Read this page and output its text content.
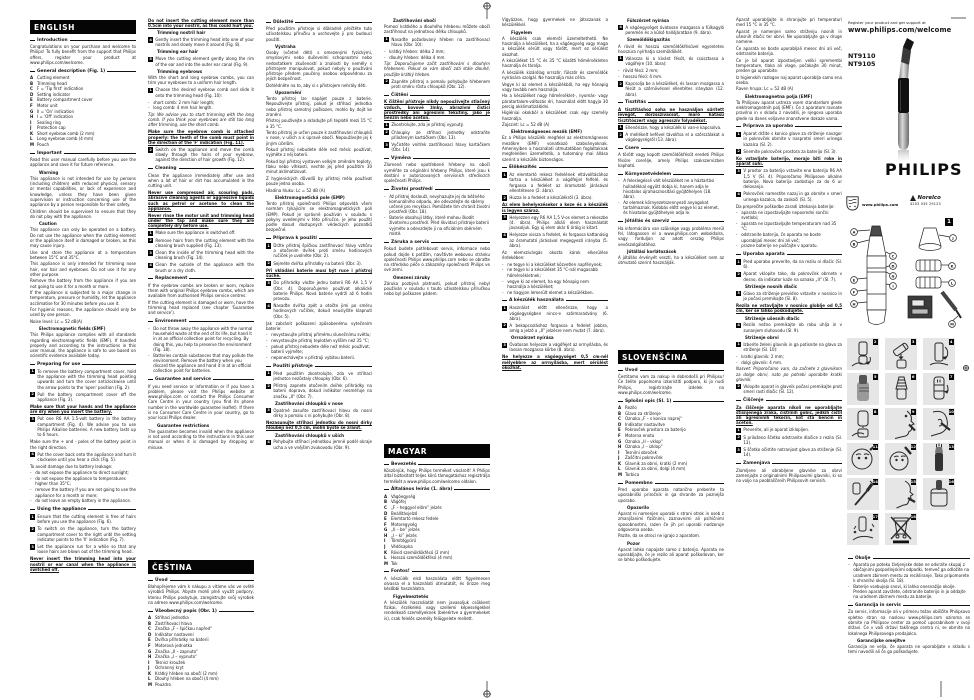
Register your product and get support at
www.philips.com/welcome
NT9110
NT9105
PHILIPS
www.philips.com
Norelco
4203 035 29123
1
A
B
C
D
E
F
G
H
I
J
K
L
M
2	3	4
5	6	7
8	9	10
11	12	13
14	15	16
17	18
ENGLISH
Introduction
Congratulations on your purchase and welcome to Philips! To fully benefit from the support that Philips offers, register your product at www.philips.com/welcome.
General description (Fig. 1)
A Cutting element
B Trimming head
C	F = 'Tip first' indication
D Setting indicator
E	Battery compartment cover
F	Motor unit
G II = 'On' indication
H I = 'Off' indication
I	Sealing ring
J	Protection cap
K Short eyebrow comb (2 mm)
L	Long eyebrow comb (4 mm)
M Pouch
Important
Read this user manual carefully before you use the appliance and save it for future reference.
Warning
This appliance is not intended for use by persons (including children) with reduced physical, sensory or mental capabilities, or lack of experience and knowledge, unless they have been given supervision or instruction concerning use of the appliance by a person responsible for their safety.
Children should be supervised to ensure that they do not play with the appliance.
Caution
This appliance can only be operated on a battery. Do not use the appliance when the cutting element or the appliance itself is damaged or broken, as this may cause injury.
Use and store the appliance at a temperature between 15°C and 35°C.
This appliance is only intended for trimming nose hair, ear hair and eyebrows. Do not use it for any other purpose.
Remove the battery from the appliance if you are not going to use it for a month or more.
If the appliance is subjected to a major change in temperature, pressure or humidity, let the appliance acclimatise for 30 minutes before you use it.
For hygienic reasons, the appliance should only be used by one person.
Noise level: Lc = 52 dB(A)
Electromagnetic fields (EMF)
This Philips appliance complies with all standards regarding electromagnetic fields (EMF). If handled properly and according to the instructions in this user manual, the appliance is safe to use based on scientific evidence available today.
Preparing for use
1 To remove the battery compartment cover, hold the appliance with the trimming head pointing upwards and turn the cover anticlockwise until the arrow points to the 'open' position (Fig. 2).
2 Pull the battery compartment cover off the appliance (Fig. 3).
Make sure that your hands and the appliance are dry when you insert the battery.
3 Put one R6 AA 1.5-volt battery in the battery compartment (Fig. 4). We advise you to use Philips Alkaline batteries. A new battery lasts up to 6 hours.
Make sure the + and - poles of the battery point in the right direction.
4 Put the cover back onto the appliance and turn it clockwise until you hear a click (Fig. 5).
To avoid damage due to battery leakage:
- do not expose the appliance to direct sunlight;
- do not expose the appliance to temperatures higher than 35°C;
- remove the battery if you are not going to use the appliance for a month or more;
- do not leave an empty battery in the appliance.
Using the appliance
1 Ensure that the cutting element is free of hairs before you use the appliance (Fig. 6).
2 To switch on the appliance, turn the battery compartment cover to the right until the setting indicator points to the 'II' indication (Fig. 7).
3 Let the appliance run for a while so that any loose hairs are blown out of the trimming head.
Never insert the trimming head into your nostril or ear canal when the appliance is switched off.
Do not insert the cutting element more than 0.5cm into your nostril, as this could hurt you.
Trimming nostril hair
4 Gently insert the trimming head into one of your nostrils and slowly move it around (Fig. 8).
Trimming ear hair
5 Move the cutting element gently along the rim of the ear and into the outer ear canal (Fig. 9).
Trimming eyebrows
With the short and long eyebrow combs, you can trim your eyebrows to a uniform hair length.
1 Choose the desired eyebrow comb and slide it onto the trimming head (Fig. 10):
- short comb: 2 mm hair length;
- long comb: 4 mm hair length.
Tip: We advise you to start trimming with the long comb. If you think your eyebrows are still too long after trimming, use the short comb.
Make sure the eyebrow comb is attached properly: the teeth of the comb must point in the direction of the 'F' indication (Fig. 11).
2 Switch on the appliance and move the comb slowly through the hairs of your eyebrow, against the direction of hair growth (Fig. 12).
Cleaning
Clean the appliance immediately after use and when a lot of hair or dirt has accumulated in the cutting unit.
Never use compressed air, scouring pads, abrasive cleaning agents or aggressive liquids such as petrol or acetone to clean the appliance.
Never rinse the motor unit and trimming head under the tap and make sure they are completely dry before use.
1 Make sure the appliance is switched off.
2 Remove hairs from the cutting element with the cleaning brush supplied (Fig. 13).
3 Clean the inside of the trimming head with the cleaning brush (Fig. 14).
4 Clean the outside of the appliance with the brush or a dry cloth.
Replacement
If the eyebrow combs are broken or worn, replace them with original Philips eyebrow combs, which are available from authorised Philips service centres.
If the cutting element is damaged or worn, have the trimming head replaced (see chapter 'Guarantee and service').
Environment
- Do not throw away the appliance with the normal household waste at the end of its life, but hand it in at an official collection point for recycling. By doing this, you help to preserve the environment (Fig. 18).
- Batteries contain substances that may pollute the environment. Remove the battery when you discard the appliance and hand it in at an official collection point for batteries.
Guarantee and service
If you need service or information or if you have a problem, please visit the Philips website at www.philips.com or contact the Philips Consumer Care Centre in your country (you find its phone number in the worldwide guarantee leaflet). If there is no Consumer Care Centre in your country, go to your local Philips dealer.
Guarantee restrictions
The guarantee becomes invalid when the appliance is not used according to the instructions in this user manual or when it is damaged by dropping or misuse.
ČEŠTINA
Úvod
Blahopřejeme vám k nákupu a vítáme vás ve světě výrobků Philips. Abyste mohli plně využít podpory, kterou Philips poskytuje, zaregistrujte svůj výrobek na adrese www.philips.com/welcome.
Všeobecný popis (Obr. 1)
A Střihací jednotka
B Zastřihovací hlava
C	Značka „F – špičkou napřed“
D Indikátor nastavení
E	Dvířka přihrádky na baterii
F	Motorová jednotka
G Značka „II – zapnuto“
H Značka „I – vypnuto“
I	Těsnicí kroužek
J	Ochranný kryt
K Krátký hřeben na obočí (2 mm)
L	Dlouhý hřeben na obočí (4 mm)
M Pouzdro
Důležité
Před použitím přístroje si důkladně přečtěte tuto uživatelskou příručku a uschovejte ji pro budoucí použití.
Výstraha
Osoby (včetně dětí) s omezenými fyzickými, smyslovými nebo duševními schopnostmi nebo nedostatkem zkušeností a znalostí by neměly s přístrojem manipulovat, pokud nebyly o používání přístroje předem poučeny osobou odpovědnou za jejich bezpečnost.
Dohlédněte na to, aby si s přístrojem nehrály děti.
Upozornění
Tento přístroj lze napájet pouze z baterie. Nepoužívejte přístroj, pokud je střihací jednotka nebo přístroj samotný poškozen, mohlo by dojít ke zranění.
Přístroj používejte a skladujte při teplotě mezi 15 °C a 35 °C.
Tento přístroj je určen pouze k zastřihování chloupků v nose, v uších a k úpravě obočí. Nepoužívejte jej k jiným účelům.
Pokud přístroj nebudete déle než měsíc používat, vyjměte z něj baterii.
Pokud byl přístroj vystaven velkým změnám teploty, tlaku nebo vlhkosti, nechte jej před použitím 30 minut aklimatizovat.
Z hygienických důvodů by přístroj měla používat pouze jedna osoba.
Hladina hluku: Lc = 52 dB (A)
Elektromagnetická pole (EMP)
Tento přístroj společnosti Philips odpovídá všem normám týkajícím se elektromagnetických polí (EMP). Pokud je správně používán v souladu s pokyny uvedenými v této příručce, je jeho použití podle dosud dostupných vědeckých poznatků bezpečné.
Příprava k použití
1 Držte přístroj špičkou zastřihovací hlavy vzhůru a otočením dvířek proti směru hodinových ručiček je uvolněte (Obr. 2).
2 Sejměte dvířka přihrádky na baterii (Obr. 3).
Při vkládání baterie musí být ruce i přístroj suché.
3 Do přihrádky vložte jednu baterii R6 AA 1,5 V (Obr. 4). Doporučujeme používat alkalické baterie Philips. Nová baterie vydrží až 6 hodin provozu.
4 Nasaďte dvířka zpět a otočte jimi po směru hodinových ručiček, dokud neuslyšíte klapnutí (Obr. 5).
Jak zabránit poškození způsobenému vytečením baterie:
- nevystavujte přístroj přímému slunečnímu světlu;
- nevystavujte přístroj teplotám vyšším než 35 °C;
- pokud přístroj nebudete déle než měsíc používat, baterii vyjměte;
- neponechávejte v přístroji vybitou baterii.
Použití přístroje
1 Před použitím zkontrolujte, zda ve střihací jednotce nezůstaly chloupky (Obr. 6).
2 Přístroj zapnete otočením dvířek přihrádky na baterii doprava, dokud indikátor nesměřuje na značku „II“ (Obr. 7).
Zastřihování chloupků v nose
3 Opatrně zasuňte zastřihovací hlavu do nosní dírky a pomalu s ní pohybujte (Obr. 8).
Nezasunujte střihací jednotku do nosní dírky hlouběji než 0,5 cm, mohli byste se zranit.
Zastřihování chloupků v uších
4 Pohybujte střihací jednotkou jemně podél okraje ucha a ve vnějším zvukovodu (Obr. 9).
Zastřihování obočí
Pomocí krátkého a dlouhého hřebenu můžete obočí zastřihnout na jednotnou délku chloupků.
1 Nasaďte požadovaný hřeben na zastřihovací hlavu (Obr. 10):
- krátký hřeben: délka 2 mm;
- dlouhý hřeben: délka 4 mm.
Tip: Doporučujeme začít zastřihování s dlouhým hřebenem. Pokud se vám obočí zdá stále dlouhé, použijte krátký hřeben.
2 Zapněte přístroj a pomalu pohybujte hřebenem proti směru růstu chloupků (Obr. 12).
Čištění
K čištění přístroje nikdy nepoužívejte stlačený vzduch, kovové žínky, abrazivní čisticí prostředky ani agresivní tekutiny, jako je benzín nebo aceton.
1 Zkontrolujte, zda je přístroj vypnutý.
2 Chloupky ze střihací jednotky odstraňte přiloženým kartáčkem (Obr. 13).
3 Vyčistěte vnitřek zastřihovací hlavy kartáčkem (Obr. 14).
Výměna
Zlomené nebo opotřebené hřebeny na obočí vyměňte za originální hřebeny Philips, které jsou k dostání v autorizovaných servisních střediscích společnosti Philips.
Životní prostředí
- Až přístroj doslouží, nevyhazujte jej do běžného komunálního odpadu, ale odevzdejte do sběrny určené pro recyklaci. Pomůžete tím chránit životní prostředí (Obr. 18).
- Baterie obsahují látky, které mohou škodit životnímu prostředí. Před likvidací přístroje baterii vyjměte a odevzdejte ji na oficiálním sběrném místě.
Záruka a servis
Pokud budete potřebovat servis, informace nebo pokud dojde k potížím, navštivte webovou stránku společnosti Philips www.philips.com nebo se obraťte na středisko péče o zákazníky společnosti Philips ve své zemi.
Omezení záruky
Záruka pozbývá platnosti, pokud přístroj nebyl používán v souladu s touto uživatelskou příručkou nebo byl poškozen pádem.
MAGYAR
Bevezetés
Köszönjük, hogy Philips terméket vásárolt! A Philips által biztosított teljes körű támogatáshoz regisztrálja termékét a www.philips.com/welcome oldalon.
Általános leírás (1. ábra)
A Vágóegység
B Vágófej
C	„F – heggyel előre” jelzés
D Beállításjelző
E	Elemtartó rekesz fedele
F	Motoregység
G „II – be” jelzés
H „I – ki” jelzés
I	Tömítőgyűrű
J	Védősapka
K Rövid szemöldökfésű (2 mm)
L	Hosszú szemöldökfésű (4 mm)
M Tok
Fontos!
A készülék első használata előtt figyelmesen olvassa el a használati útmutatót, és őrizze meg későbbi használatra.
Figyelmeztetés
A készülék használatát nem javasoljuk csökkent fizikai, érzékelési vagy szellemi képességekkel rendelkező személyeknek (beleértve a gyermekeket is), csak felelős személy felügyelete mellett.
Vigyázzon, hogy gyermekek ne játsszanak a készülékkel.
Figyelem
A készülék csak elemről üzemeltethető. Ne használja a készüléket, ha a vágóegység vagy maga a készülék sérült vagy törött, mert ez sérülést okozhat.
A készüléket 15 °C és 35 °C közötti hőmérsékleten használja és tárolja.
A készülék kizárólag orrszőr, fülszőr és szemöldök nyírására szolgál. Ne használja más célra.
Vegye ki az elemet a készülékből, ha egy hónapig vagy tovább nem használja.
Ha a készüléket nagy hőmérséklet-, nyomás- vagy páratartalom-változás éri, használat előtt hagyja 30 percig akklimatizálódni.
Higiéniai okokból a készüléket csak egy személy használja.
Zajszint: Lc = 52 dB (A)
Elektromágneses mezők (EMF)
Ez a Philips készülék megfelel az elektromágneses mezőkre (EMF) vonatkozó szabványoknak. Amennyiben a használati útmutatóban foglaltaknak megfelelően üzemeltetik, a tudomány mai állása szerint a készülék biztonságos.
Előkészítés
1 Az elemtartó rekesz fedelének eltávolításához tartsa a készüléket a vágófejjel felfelé, és forgassa a fedelet az óramutató járásával ellentétesen (2. ábra).
2 Húzza le a fedelet a készülékről (3. ábra).
Az elem behelyezésekor a keze és a készülék is legyen száraz.
3 Helyezzen egy R6 AA 1,5 V-os elemet a rekeszbe (4. ábra). Philips alkáli elem használatát javasoljuk. Egy új elem akár 6 óráig is kitart.
4 Helyezze vissza a fedelet, és forgassa kattanásig az óramutató járásával megegyező irányba (5. ábra).
Az elemszivárgás okozta károk elkerülése érdekében:
- ne tegye ki a készüléket közvetlen napfénynek;
- ne tegye ki a készüléket 35 °C-nál magasabb hőmérsékletnek;
- vegye ki az elemet, ha egy hónapig nem használja a készüléket;
- ne hagyjon lemerült elemet a készülékben.
A készülék használata
1 Használat előtt ellenőrizze, hogy a vágóegységben nincs-e szőrmaradvány (6. ábra).
2 A bekapcsoláshoz forgassa a fedelet jobbra, amíg a jelző a „II” jelzésre nem mutat (7. ábra).
Orrszőrzet nyírása
3 Óvatosan helyezze a vágófejet az orrnyílásba, és lassan mozgassa körbe (8. ábra).
Ne helyezze a vágóegységet 0,5 cm-nél mélyebbre az orrnyílásba, mert sérülést okozhat.
Fülszőrzet nyírása
4 A vágóegységet óvatosan mozgassa a fülkagyló peremén és a külső hallójáratban (9. ábra).
Szemöldökigazítás
A rövid és hosszú szemöldökfésűvel egyenletes hosszúra nyírhatja szemöldökét.
1 Válassza ki a kívánt fésűt, és csúsztassa a vágófejre (10. ábra):
- rövid fésű: 2 mm;
- hosszú fésű: 4 mm.
2 Kapcsolja be a készüléket, és lassan mozgassa a fésűt a szőrnövéssel ellentétes irányban (12. ábra).
Tisztítás
A tisztításhoz soha ne használjon sűrített levegőt, dörzsszivacsot, maró hatású tisztítószert vagy agresszív folyadékot.
1 Ellenőrizze, hogy a készülék ki van-e kapcsolva.
2 A mellékelt kefével távolítsa el a szőrszálakat a vágóegységről (13. ábra).
Csere
A törött vagy kopott szemöldökfésűt eredeti Philips fésűre cserélje, amely Philips szakszervizben kapható.
Környezetvédelem
- A feleslegéssé vált készüléket ne a háztartási hulladékkal együtt dobja ki, hanem adja le hivatalos újrahasznosítási gyűjtőhelyen (18. ábra).
- Az elemek környezetszennyező anyagokat tartalmaznak. Kidobás előtt vegye ki az elemet, és hivatalos gyűjtőhelyen adja le.
Jótállás és szerviz
Ha információra van szüksége vagy probléma merül fel, látogasson el a www.philips.com weboldalra, vagy forduljon az adott ország Philips vevőszolgálatához.
Jótállási korlátozások
A jótállás érvényét veszti, ha a készüléket nem az útmutató szerint használják.
SLOVENŠČINA
Uvod
Čestitamo vam za nakup in dobrodošli pri Philipsu! Če želite popolnoma izkoristiti podporo, ki jo nudi Philips, registrirajte izdelek na www.philips.com/welcome.
Splošni opis (Sl. 1)
A Rezilo
B Glava za striženje
C	Oznaka „F – s konico naprej“
D Indikator nastavitve
E	Pokrovček prostora za baterijo
F	Motorna enota
G Oznaka „II – vklop“
H Oznaka „I – izklop“
I	Tesnilni obroček
J	Zaščitni pokrovček
K Glavnik za obrvi, kratki (2 mm)
L	Glavnik za obrvi, dolgi (4 mm)
M Torbica
Pomembno
Pred uporabo aparata natančno preberite ta uporabniški priročnik in ga shranite za poznejšo uporabo.
Opozorilo
Aparat ni namenjen uporabi s strani otrok in oseb z zmanjšanimi fizičnimi, zaznavnimi ali psihičnimi sposobnostmi, razen če jih pri uporabi nadzoruje odgovorna oseba.
Pazite, da se otroci ne igrajo z aparatom.
Pozor
Aparat lahko napajate samo z baterijo. Aparata ne uporabljajte, če je rezilo ali aparat poškodovan, ker se lahko poškodujete.
Aparat uporabljajte in shranjujte pri temperaturi med 15 °C in 35 °C.
Aparat je namenjen samo striženju nosnih in ušesnih dlačic ter obrvi. Ne uporabljajte ga v druge namene.
Če aparata ne boste uporabljali mesec dni ali več, odstranite baterijo.
Če je bil aparat izpostavljen veliki spremembi temperature, tlaka ali vlage, počakajte 30 minut, preden ga uporabite.
Iz higienskih razlogov naj aparat uporablja samo ena oseba.
Raven hrupa: Lc = 52 dB (A)
Elektromagnetna polja (EMF)
Ta Philipsov aparat ustreza vsem standardom glede elektromagnetnih polj (EMF). Če z aparatom ravnate pravilno in v skladu z navodili, je njegova uporaba glede na danes veljavne znanstvene dokaze varna.
Priprava za uporabo
1 Aparat držite s konico glave za striženje navzgor in pokrovček obrnite v nasprotni smeri urinega kazalca (Sl. 2).
2 Snemite pokrovček prostora za baterijo (Sl. 3).
Ko vstavljate baterijo, morajo biti roke in aparat suhi.
3 V prostor za baterijo vstavite eno baterijo R6 AA 1,5 V (Sl. 4). Priporočamo Philipsove alkalne baterije. Nova baterija zadostuje za do 6 ur delovanja.
4 Pokrovček namestite nazaj in ga obrnite v smeri urinega kazalca, da zaskoči (Sl. 5).
Da preprečite poškodbe zaradi iztekanja baterije:
- aparata ne izpostavljajte neposredni sončni svetlobi;
- aparata ne izpostavljajte temperaturam nad 35 °C;
- odstranite baterijo, če aparata ne boste uporabljali mesec dni ali več;
- prazne baterije ne puščajte v aparatu.
Uporaba aparata
1 Pred uporabo preverite, da na rezilu ni dlačic (Sl. 6).
2 Aparat vklopite tako, da pokrovček obrnete v desno, da indikator kaže na oznako „II“ (Sl. 7).
Striženje nosnih dlačic
3 Glavo za striženje previdno vstavite v nosnico in jo počasi premikajte (Sl. 8).
Rezila ne vstavljajte v nosnico globlje od 0,5 cm, ker se lahko poškodujete.
Striženje ušesnih dlačic
4 Rezilo nežno premikajte ob robu uhlja in v zunanjem sluhovodu (Sl. 9).
Striženje obrvi
1 Izberite želeni glavnik in ga potisnite na glavo za striženje (Sl. 10):
- kratki glavnik: 2 mm;
- dolgi glavnik: 4 mm.
Nasvet: Priporočamo vam, da začnete z glavnikom za dolge obrvi, nato po potrebi uporabite kratki glavnik.
2 Vklopite aparat in glavnik počasi premikajte proti smeri rasti dlačic (Sl. 12).
Čiščenje
Za čiščenje aparata nikoli ne uporabljajte stisnjenega zraka, čistilnih gobic, jedkih čistil ali agresivnih tekočin, kot sta bencin in aceton.
1 Preverite, ali je aparat izklopljen.
2 S priloženo ščetko odstranite dlačice z rezila (Sl. 13).
3 S ščetko očistite notranjost glave za striženje (Sl. 14).
Zamenjava
Zlomljene ali obrabljene glavnike za obrvi zamenjajte z originalnimi Philipsovimi glavniki, ki so na voljo na pooblaščenih Philipsovih servisih.
Okolje
- Aparata po poteku življenjske dobe ne odvrzite skupaj z običajnimi gospodinjskimi odpadki, temveč ga odložite na uradnem zbirnem mestu za recikliranje. Tako pripomorete k ohranitvi okolja (Sl. 18).
- Baterije vsebujejo snovi, ki lahko onesnažijo okolje. Preden aparat zavržete, odstranite baterijo in jo oddajte na uradnem zbirnem mestu za baterije.
Garancija in servis
Za servis, informacije ali v primeru težav obiščite Philipsovo spletno stran na naslovu www.philips.com oziroma se obrnite na Philipsov center za pomoč uporabnikom v svoji državi. Če v vaši državi takšnega centra ni, se obrnite na lokalnega Philipsovega prodajalca.
Garancijske omejitve
Garancija ne velja, če aparata ne uporabljate v skladu s temi navodili ali če ga poškodujete.
